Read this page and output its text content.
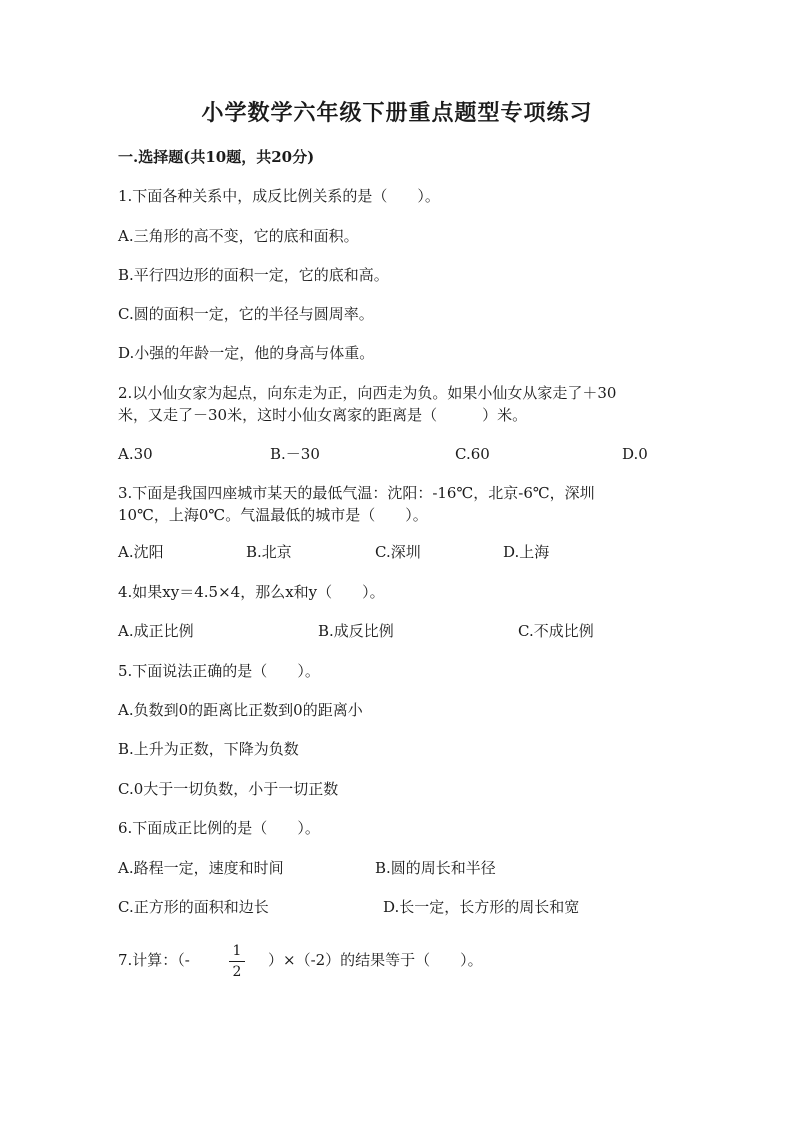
小学数学六年级下册重点题型专项练习
一.选择题(共10题，共20分)
1.下面各种关系中，成反比例关系的是（　　）。
A.三角形的高不变，它的底和面积。
B.平行四边形的面积一定，它的底和高。
C.圆的面积一定，它的半径与圆周率。
D.小强的年龄一定，他的身高与体重。
2.以小仙女家为起点，向东走为正，向西走为负。如果小仙女从家走了＋30
米，又走了－30米，这时小仙女离家的距离是（　　　）米。
A.30	B.－30	C.60	D.0
3.下面是我国四座城市某天的最低气温：沈阳：-16℃，北京-6℃，深圳
10℃，上海0℃。气温最低的城市是（　　）。
A.沈阳	B.北京	C.深圳	D.上海
4.如果xy＝4.5×4，那么x和y（　　）。
A.成正比例	B.成反比例	C.不成比例
5.下面说法正确的是（　　）。
A.负数到0的距离比正数到0的距离小
B.上升为正数，下降为负数
C.0大于一切负数，小于一切正数
6.下面成正比例的是（　　）。
A.路程一定，速度和时间	B.圆的周长和半径
C.正方形的面积和边长	D.长一定，长方形的周长和宽
7.计算：（-	1
2
）×（-2）的结果等于（　　）。
